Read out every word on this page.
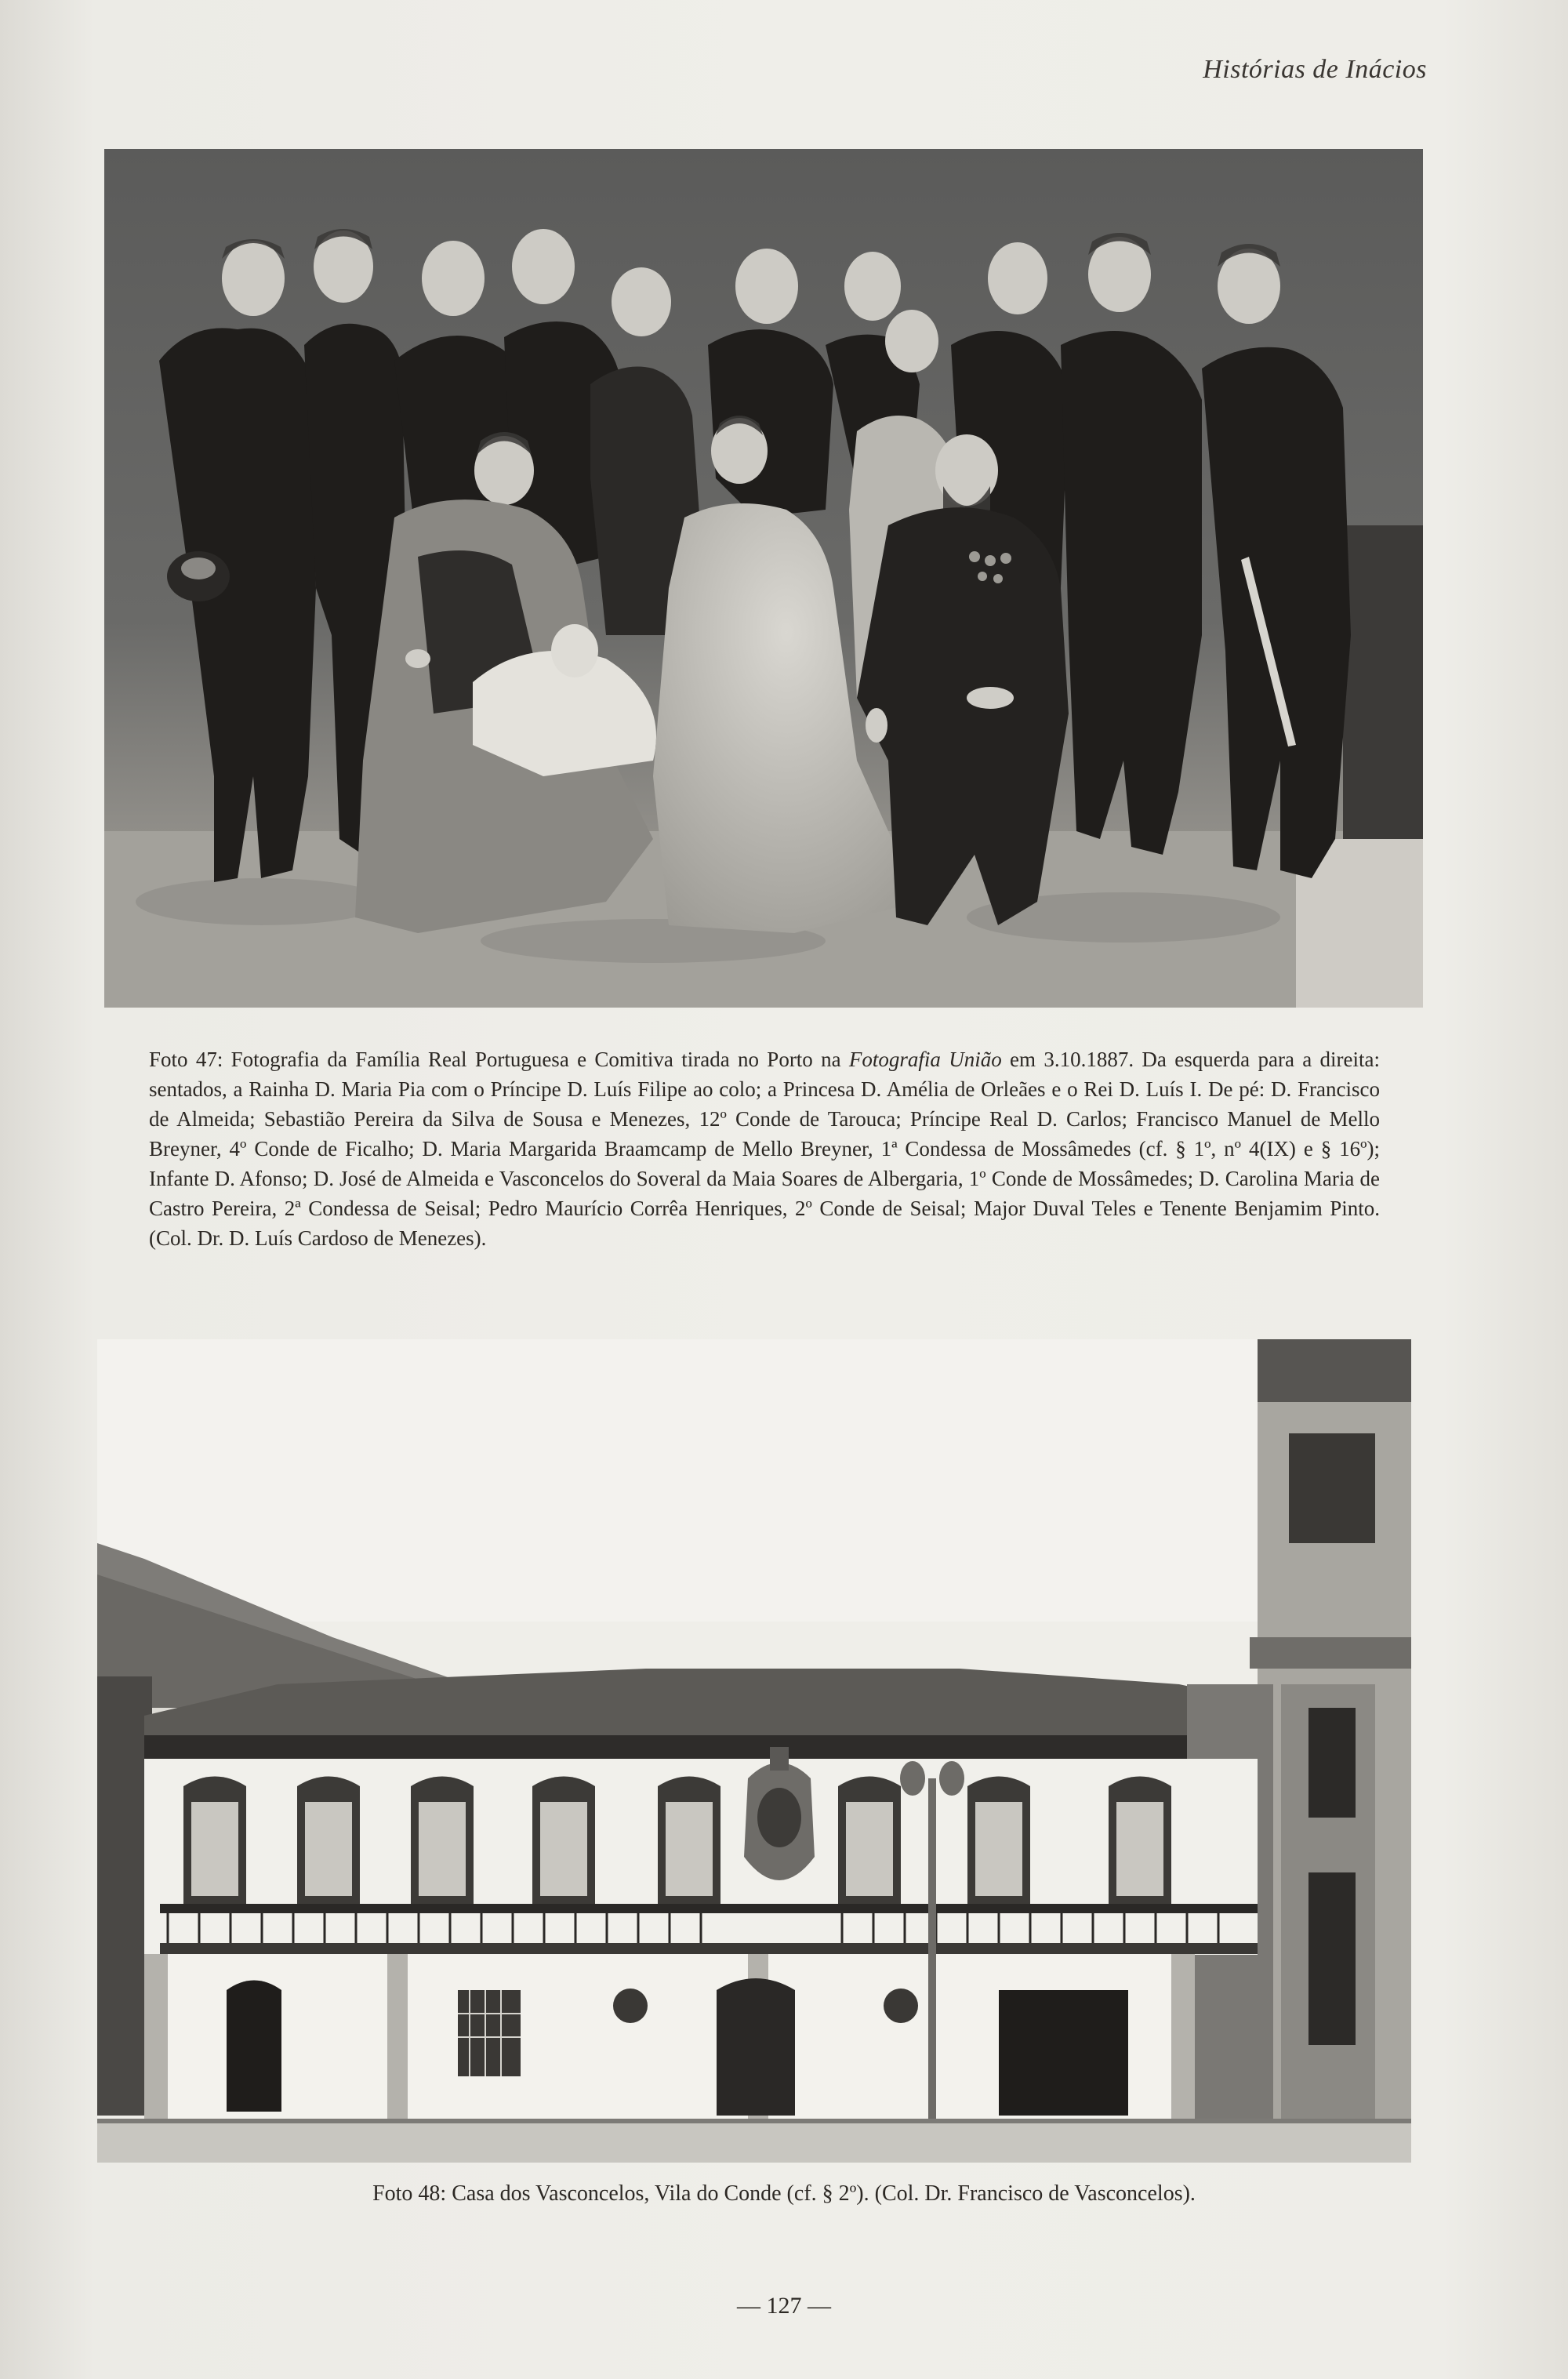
Histórias de Inácios
Foto 47: Fotografia da Família Real Portuguesa e Comitiva tirada no Porto na Fotografia União em 3.10.1887. Da esquerda para a direita: sentados, a Rainha D. Maria Pia com o Príncipe D. Luís Filipe ao colo; a Princesa D. Amélia de Orleães e o Rei D. Luís I. De pé: D. Francisco de Almeida; Sebastião Pereira da Silva de Sousa e Menezes, 12º Conde de Tarouca; Príncipe Real D. Carlos; Francisco Manuel de Mello Breyner, 4º Conde de Ficalho; D. Maria Margarida Braamcamp de Mello Breyner, 1ª Condessa de Mossâmedes (cf. § 1º, nº 4(IX) e § 16º); Infante D. Afonso; D. José de Almeida e Vasconcelos do Soveral da Maia Soares de Albergaria, 1º Conde de Mossâmedes; D. Carolina Maria de Castro Pereira, 2ª Condessa de Seisal; Pedro Maurício Corrêa Henriques, 2º Conde de Seisal; Major Duval Teles e Tenente Benjamim Pinto. (Col. Dr. D. Luís Cardoso de Menezes).
Foto 48: Casa dos Vasconcelos, Vila do Conde (cf. § 2º). (Col. Dr. Francisco de Vasconcelos).
— 127 —
